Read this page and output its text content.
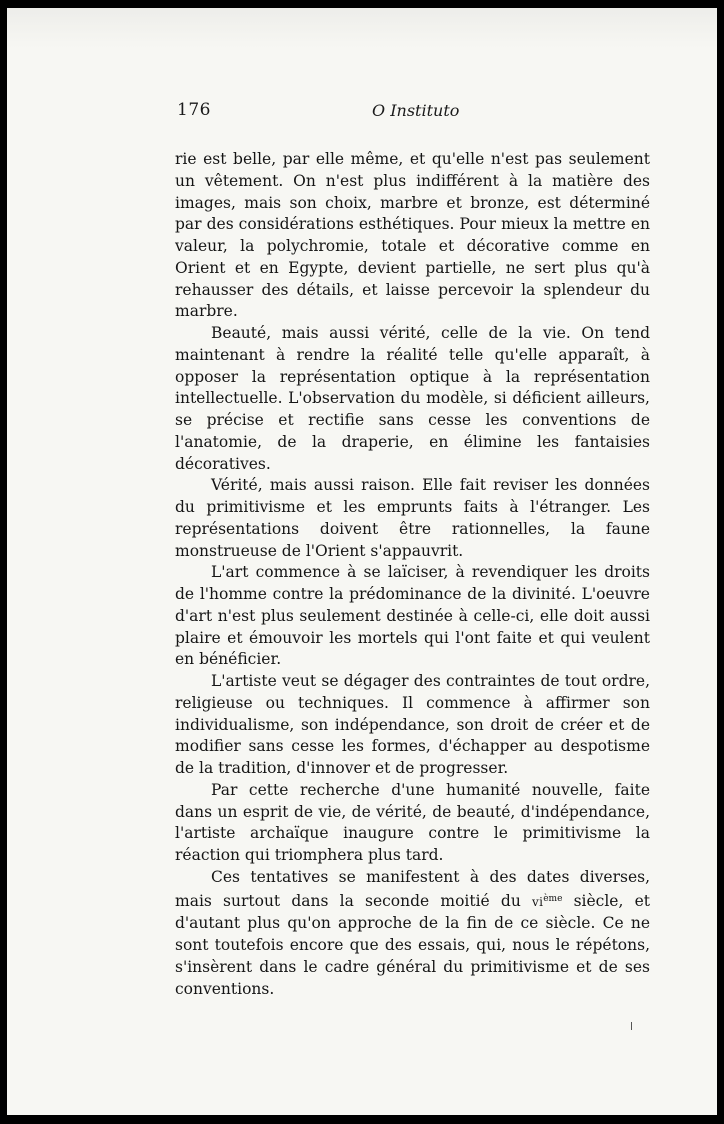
176	O Instituto

rie est belle, par elle même, et qu'elle n'est pas seulement un vêtement. On n'est plus indifférent à la matière des images, mais son choix, marbre et bronze, est déterminé par des considérations esthétiques. Pour mieux la mettre en valeur, la polychromie, totale et décorative comme en Orient et en Egypte, devient partielle, ne sert plus qu'à rehausser des détails, et laisse percevoir la splendeur du marbre.

Beauté, mais aussi vérité, celle de la vie. On tend maintenant à rendre la réalité telle qu'elle apparaît, à opposer la représentation optique à la représentation intellectuelle. L'observation du modèle, si déficient ailleurs, se précise et rectifie sans cesse les conventions de l'anatomie, de la draperie, en élimine les fantaisies décoratives.

Vérité, mais aussi raison. Elle fait reviser les données du primitivisme et les emprunts faits à l'étranger. Les représentations doivent être rationnelles, la faune monstrueuse de l'Orient s'appauvrit.

L'art commence à se laïciser, à revendiquer les droits de l'homme contre la prédominance de la divinité. L'oeuvre d'art n'est plus seulement destinée à celle-ci, elle doit aussi plaire et émouvoir les mortels qui l'ont faite et qui veulent en bénéficier.

L'artiste veut se dégager des contraintes de tout ordre, religieuse ou techniques. Il commence à affirmer son individualisme, son indépendance, son droit de créer et de modifier sans cesse les formes, d'échapper au despotisme de la tradition, d'innover et de progresser.

Par cette recherche d'une humanité nouvelle, faite dans un esprit de vie, de vérité, de beauté, d'indépendance, l'artiste archaïque inaugure contre le primitivisme la réaction qui triomphera plus tard.

Ces tentatives se manifestent à des dates diverses, mais surtout dans la seconde moitié du $vi^{ème}$ siècle, et d'autant plus qu'on approche de la fin de ce siècle. Ce ne sont toutefois encore que des essais, qui, nous le répétons, s'insèrent dans le cadre général du primitivisme et de ses conventions.
